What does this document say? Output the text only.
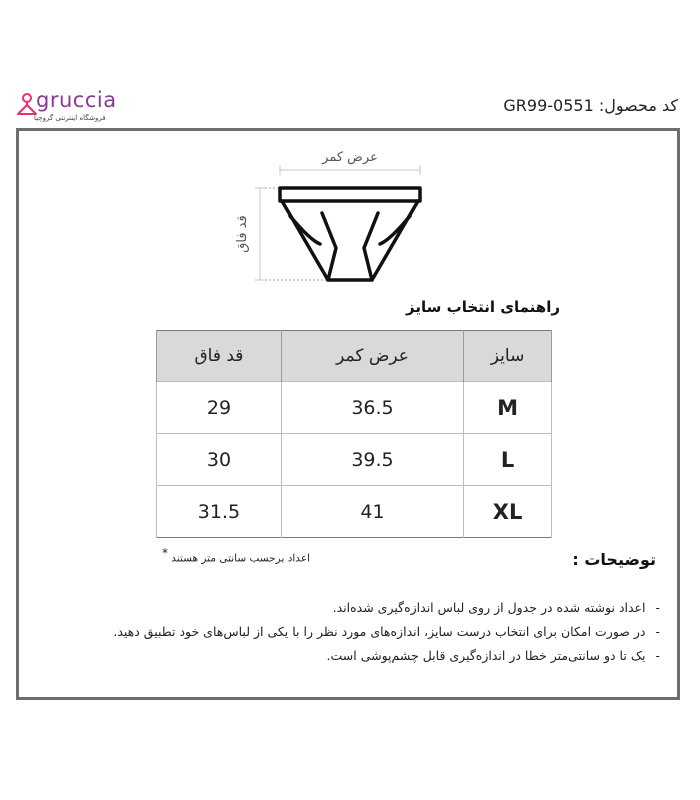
gruccia
فروشگاه اینترنتی گروچیا
کد محصول: GR99-0551
عرض کمر
قد فاق
راهنمای انتخاب سایز
قد فاق	عرض کمر	سایز
29	36.5	M
30	39.5	L
31.5	41	XL
اعداد برحسب سانتی متر هستند *	توضیحات :
-اعداد نوشته شده در جدول از روی لباس اندازه‌گیری شده‌اند.
-در صورت امکان برای انتخاب درست سایز، اندازه‌های مورد نظر را با یکی از لباس‌های خود تطبیق دهید.
-یک تا دو سانتی‌متر خطا در اندازه‌گیری قابل چشم‌پوشی است.
